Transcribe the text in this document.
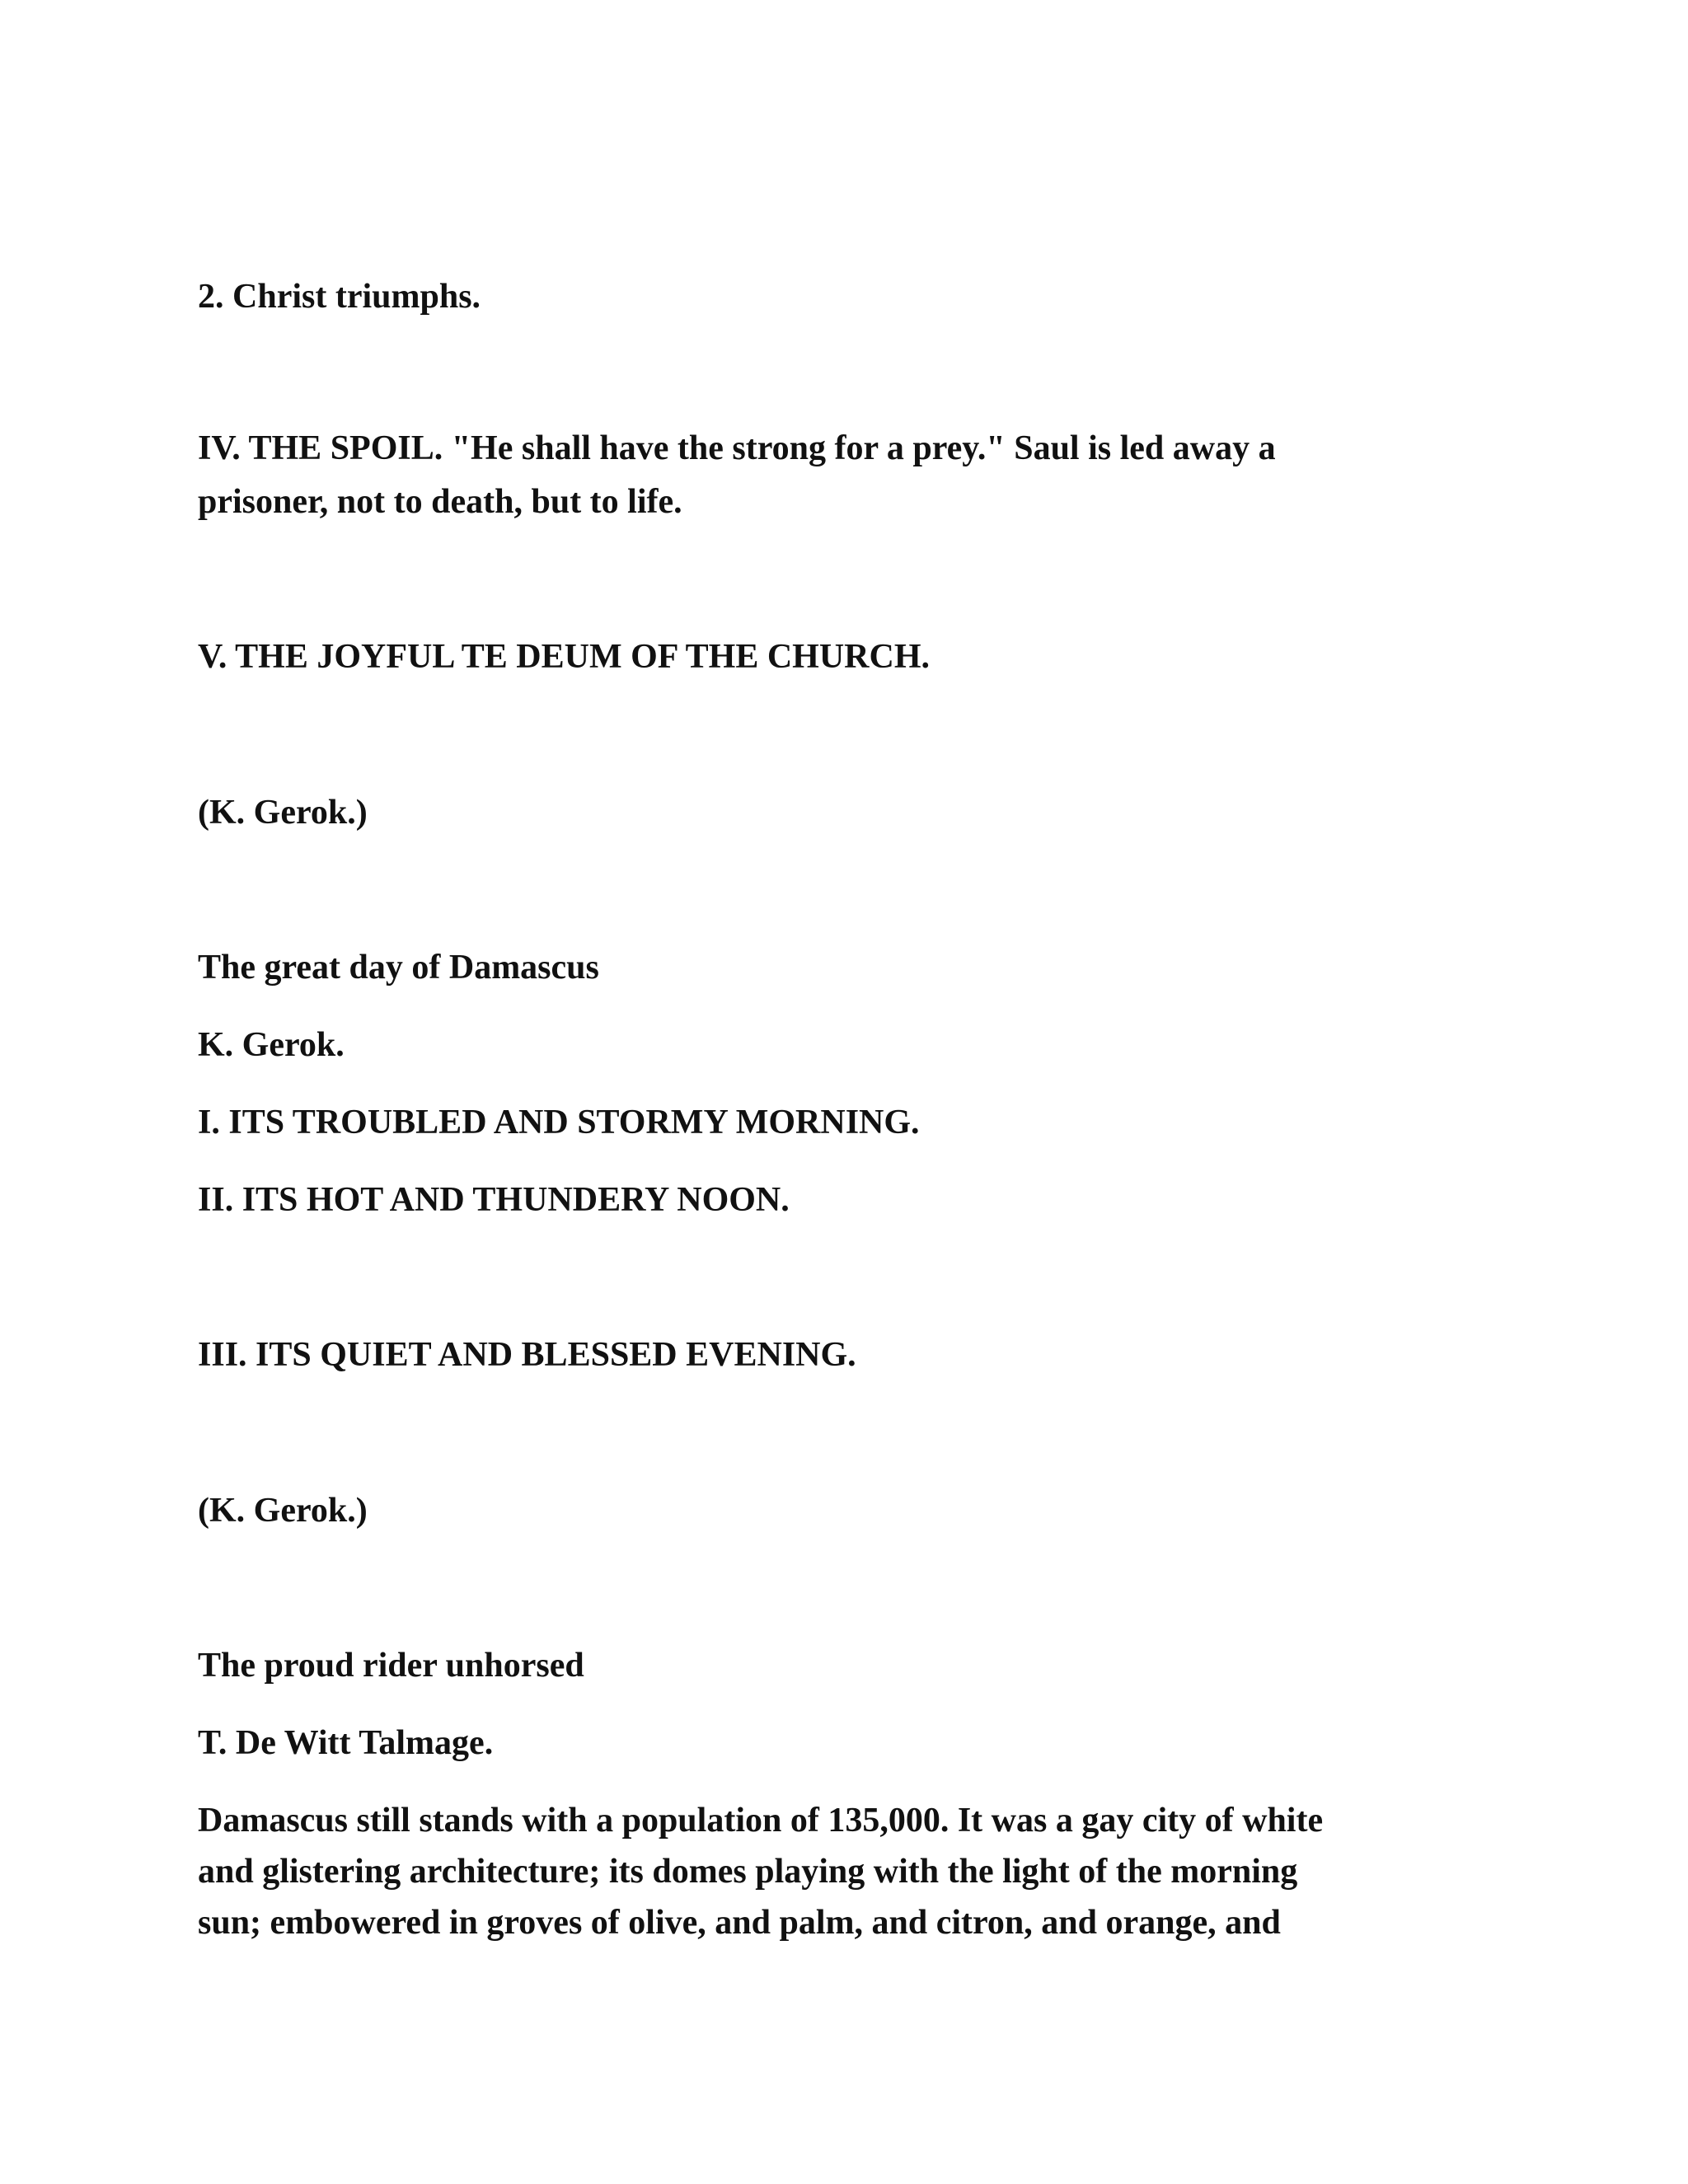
2. Christ triumphs.

IV. THE SPOIL. "He shall have the strong for a prey." Saul is led away a

prisoner, not to death, but to life.

V. THE JOYFUL TE DEUM OF THE CHURCH.

(K. Gerok.)

The great day of Damascus

K. Gerok.

I. ITS TROUBLED AND STORMY MORNING.

II. ITS HOT AND THUNDERY NOON.

III. ITS QUIET AND BLESSED EVENING.

(K. Gerok.)

The proud rider unhorsed

T. De Witt Talmage.

Damascus still stands with a population of 135,000. It was a gay city of white

and glistering architecture; its domes playing with the light of the morning

sun; embowered in groves of olive, and palm, and citron, and orange, and
